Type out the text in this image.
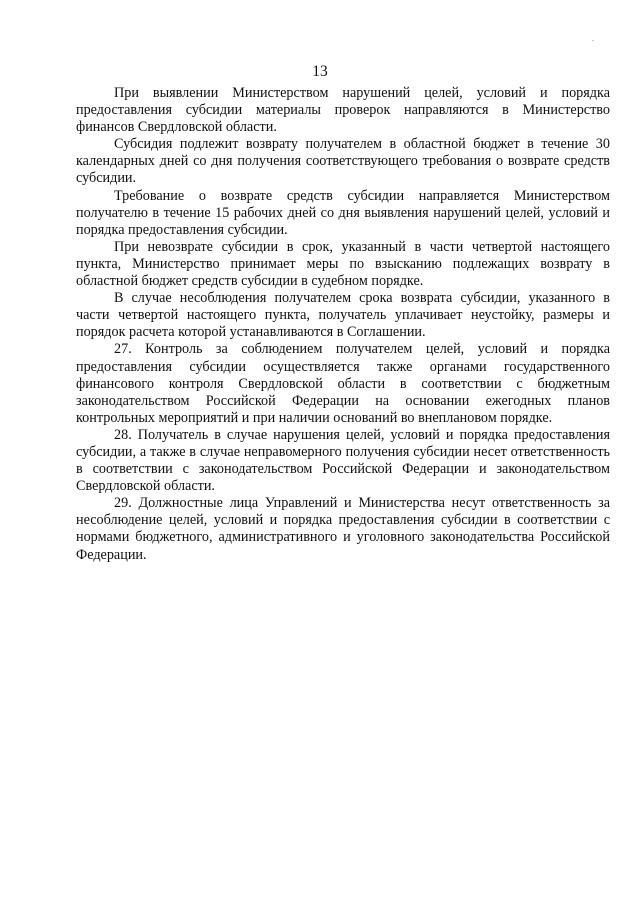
.
13

При выявлении Министерством нарушений целей, условий и порядка предоставления субсидии материалы проверок направляются в Министерство финансов Свердловской области.

Субсидия подлежит возврату получателем в областной бюджет в течение 30 календарных дней со дня получения соответствующего требования о возврате средств субсидии.

Требование о возврате средств субсидии направляется Министерством получателю в течение 15 рабочих дней со дня выявления нарушений целей, условий и порядка предоставления субсидии.

При невозврате субсидии в срок, указанный в части четвертой настоящего пункта, Министерство принимает меры по взысканию подлежащих возврату в областной бюджет средств субсидии в судебном порядке.

В случае несоблюдения получателем срока возврата субсидии, указанного в части четвертой настоящего пункта, получатель уплачивает неустойку, размеры и порядок расчета которой устанавливаются в Соглашении.

27. Контроль за соблюдением получателем целей, условий и порядка предоставления субсидии осуществляется также органами государственного финансового контроля Свердловской области в соответствии с бюджетным законодательством Российской Федерации на основании ежегодных планов контрольных мероприятий и при наличии оснований во внеплановом порядке.

28. Получатель в случае нарушения целей, условий и порядка предоставления субсидии, а также в случае неправомерного получения субсидии несет ответственность в соответствии с законодательством Российской Федерации и законодательством Свердловской области.

29. Должностные лица Управлений и Министерства несут ответственность за несоблюдение целей, условий и порядка предоставления субсидии в соответствии с нормами бюджетного, административного и уголовного законодательства Российской Федерации.
